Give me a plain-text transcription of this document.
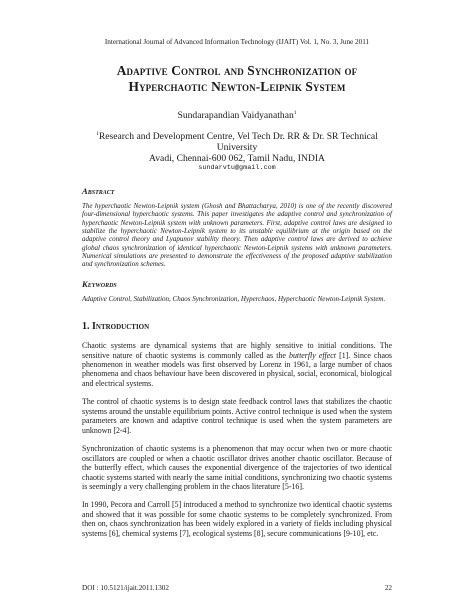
International Journal of Advanced Information Technology (IJAIT) Vol. 1, No. 3, June 2011
Adaptive Control and Synchronization of
Hyperchaotic Newton-Leipnik System
Sundarapandian Vaidyanathan$^1$
$^1$Research and Development Centre, Vel Tech Dr. RR & Dr. SR Technical University
Avadi, Chennai-600 062, Tamil Nadu, INDIA
sundarvtu@gmail.com
Abstract
The hyperchaotic Newton-Leipnik system (Ghosh and Bhattacharya, 2010) is one of the recently discovered four-dimensional hyperchaotic systems. This paper investigates the adaptive control and synchronization of hyperchaotic Newton-Leipnik system with unknown parameters. First, adaptive control laws are designed to stabilize the hyperchaotic Newton-Leipnik system to its unstable equilibrium at the origin based on the adaptive control theory and Lyapunov stability theory. Then adaptive control laws are derived to achieve global chaos synchronization of identical hyperchaotic Newton-Leipnik systems with unknown parameters. Numerical simulations are presented to demonstrate the effectiveness of the proposed adaptive stabilization and synchronization schemes.
Keywords
Adaptive Control, Stabilization, Chaos Synchronization, Hyperchaos, Hyperchaotic Newton-Leipnik System.
1. Introduction

Chaotic systems are dynamical systems that are highly sensitive to initial conditions. The sensitive nature of chaotic systems is commonly called as the butterfly effect [1]. Since chaos phenomenon in weather models was first observed by Lorenz in 1961, a large number of chaos phenomena and chaos behaviour have been discovered in physical, social, economical, biological and electrical systems.

The control of chaotic systems is to design state feedback control laws that stabilizes the chaotic systems around the unstable equilibrium points. Active control technique is used when the system parameters are known and adaptive control technique is used when the system parameters are unknown [2-4].

Synchronization of chaotic systems is a phenomenon that may occur when two or more chaotic oscillators are coupled or when a chaotic oscillator drives another chaotic oscillator. Because of the butterfly effect, which causes the exponential divergence of the trajectories of two identical chaotic systems started with nearly the same initial conditions, synchronizing two chaotic systems is seemingly a very challenging problem in the chaos literature [5-16].

In 1990, Pecora and Carroll [5] introduced a method to synchronize two identical chaotic systems and showed that it was possible for some chaotic systems to be completely synchronized. From then on, chaos synchronization has been widely explored in a variety of fields including physical systems [6], chemical systems [7], ecological systems [8], secure communications [9-10], etc.

DOI : 10.5121/ijait.2011.1302	22
